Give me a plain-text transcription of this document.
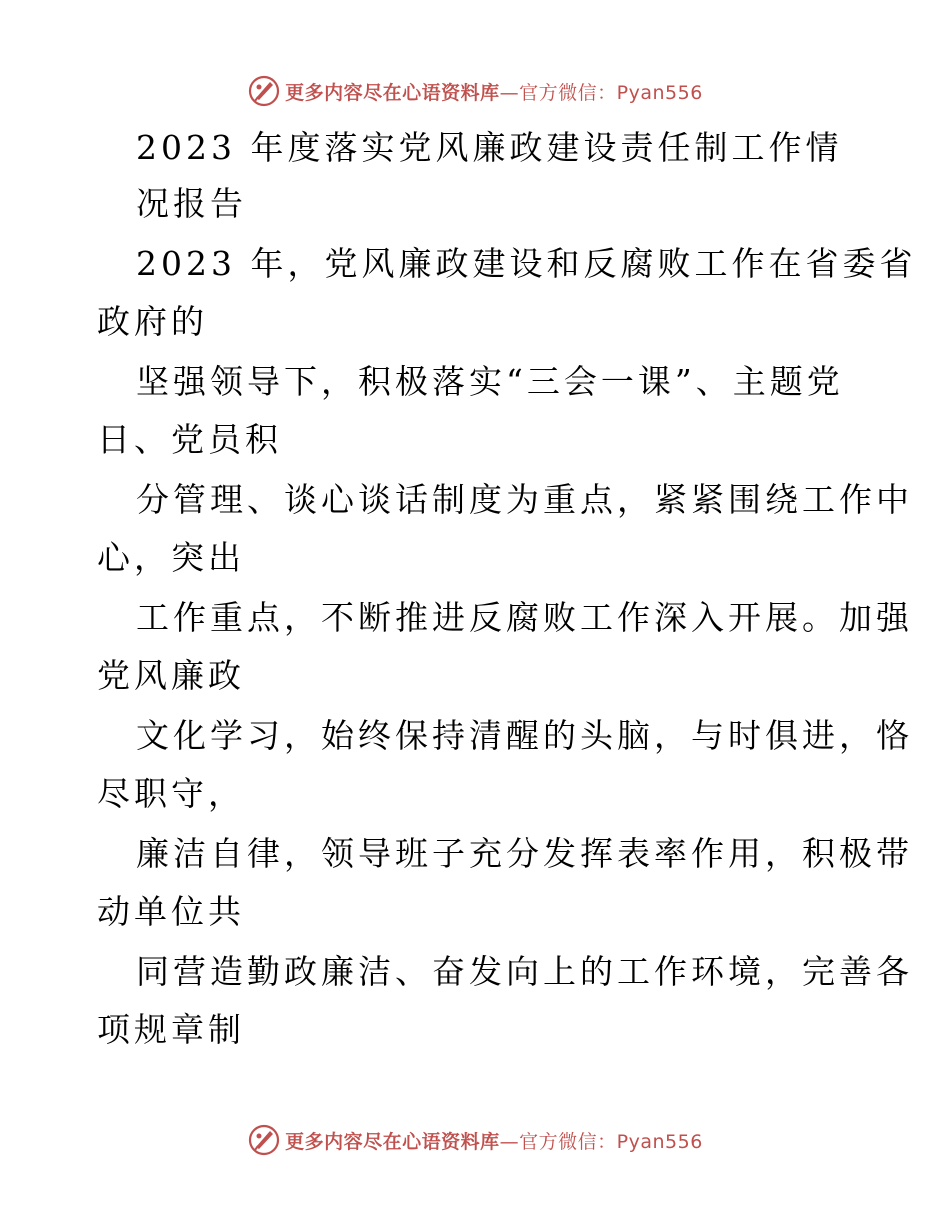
更多内容尽在心语资料库—官方微信：Pyan556
2023 年度落实党风廉政建设责任制工作情
况报告
2023 年，党风廉政建设和反腐败工作在省委省
政府的
坚强领导下，积极落实“三会一课”、主题党
日、党员积
分管理、谈心谈话制度为重点，紧紧围绕工作中
心，突出
工作重点，不断推进反腐败工作深入开展。加强
党风廉政
文化学习，始终保持清醒的头脑，与时俱进，恪
尽职守，
廉洁自律，领导班子充分发挥表率作用，积极带
动单位共
同营造勤政廉洁、奋发向上的工作环境，完善各
项规章制
更多内容尽在心语资料库—官方微信：Pyan556
